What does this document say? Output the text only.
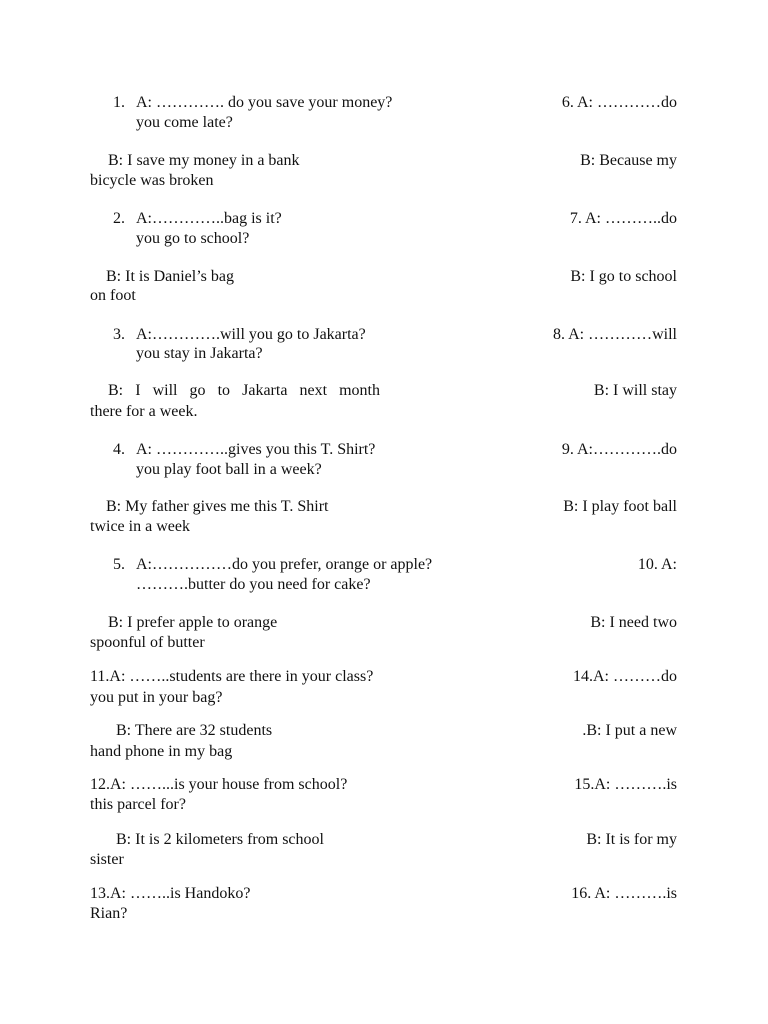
1. A: …………. do you save your money?	6. A: …………do
you come late?
B: I save my money in a bank	B: Because my
bicycle was broken
2. A:…………..bag is it?	7. A: ………..do
you go to school?
B: It is Daniel’s bag	B: I go to school
on foot
3. A:………….will you go to Jakarta?	8. A: …………will
you stay in Jakarta?
B: I will go to Jakarta next month	B: I will stay
there for a week.
4. A: …………..gives you this T. Shirt?	9. A:………….do
you play foot ball in a week?
B: My father gives me this T. Shirt	B: I play foot ball
twice in a week
5. A:……………do you prefer, orange or apple?	10. A:
……….butter do you need for cake?
B: I prefer apple to orange	B: I need two
spoonful of butter
11.A: ……..students are there in your class?	14.A: ………do
you put in your bag?
B: There are 32 students	.B: I put a new
hand phone in my bag
12.A: ……...is your house from school?	15.A: ……….is
this parcel for?
B: It is 2 kilometers from school	B: It is for my
sister
13.A: ……..is Handoko?	16. A: ……….is
Rian?
